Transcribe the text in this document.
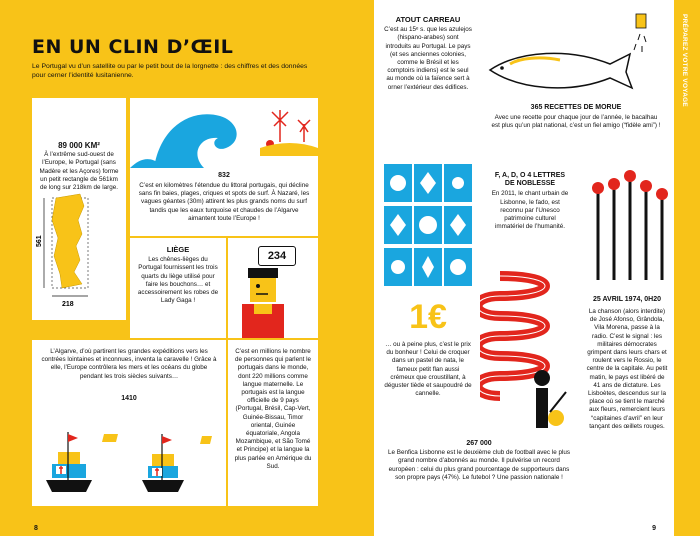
EN UN CLIN D’ŒIL
Le Portugal vu d’un satellite ou par le petit bout de la lorgnette : des chiffres et des données pour cerner l’identité lusitanienne.

89 000 KM²

À l’extrême sud-ouest de l’Europe, le Portugal (sans Madère et les Açores) forme un petit rectangle de 561km de long sur 218km de large.

561
218

832

C’est en kilomètres l’étendue du littoral portugais, qui décline sans fin baies, plages, criques et spots de surf. À Nazaré, les vagues géantes (30m) attirent les plus grands noms du surf tandis que les eaux turquoise et chaudes de l’Algarve aimantent toute l’Europe !

LIÈGE

Les chênes-lièges du Portugal fournissent les trois quarts du liège utilisé pour faire les bouchons… et accessoirement les robes de Lady Gaga !

234

C’est en millions le nombre de personnes qui parlent le portugais dans le monde, dont 220 millions comme langue maternelle. Le portugais est la langue officielle de 9 pays (Portugal, Brésil, Cap-Vert, Guinée-Bissau, Timor oriental, Guinée équatoriale, Angola Mozambique, et São Tomé et Principe) et la langue la plus parlée en Amérique du Sud.

L’Algarve, d’où partirent les grandes expéditions vers les contrées lointaines et inconnues, inventa la caravelle ! Grâce à elle, l’Europe contrôlera les mers et les océans du globe pendant les trois siècles suivants…

1410

8

ATOUT CARREAU

C’est au 15ᵉ s. que les azulejos (hispano-arabes) sont introduits au Portugal. Le pays (et ses anciennes colonies, comme le Brésil et les comptoirs indiens) est le seul au monde où la faïence sert à orner l’extérieur des édifices.

365 RECETTES DE MORUE

Avec une recette pour chaque jour de l’année, le bacalhau est plus qu’un plat national, c’est un fiel amigo (“fidèle ami”) !

F, A, D, O 4 LETTRES DE NOBLESSE

En 2011, le chant urbain de Lisbonne, le fado, est reconnu par l’Unesco patrimoine culturel immatériel de l’humanité.

25 AVRIL 1974, 0H20

La chanson (alors interdite) de José Afonso, Grândola, Vila Morena, passe à la radio. C’est le signal : les militaires démocrates grimpent dans leurs chars et roulent vers le Rossio, le centre de la capitale. Au petit matin, le pays est libéré de 41 ans de dictature. Les Lisboètes, descendus sur la place où se tient le marché aux fleurs, remercient leurs “capitaines d’avril” en leur tançant des œillets rouges.

1€

… ou à peine plus, c’est le prix du bonheur ! Celui de croquer dans un pastel de nata, le fameux petit flan aussi crémeux que croustillant, à déguster tiède et saupoudré de cannelle.

267 000

Le Benfica Lisbonne est le deuxième club de football avec le plus grand nombre d’abonnés au monde. Il pulvérise un record européen : celui du plus grand pourcentage de supporteurs dans son propre pays (47%). Le futebol ? Une passion nationale !

PRÉPAREZ VOTRE VOYAGE
9
